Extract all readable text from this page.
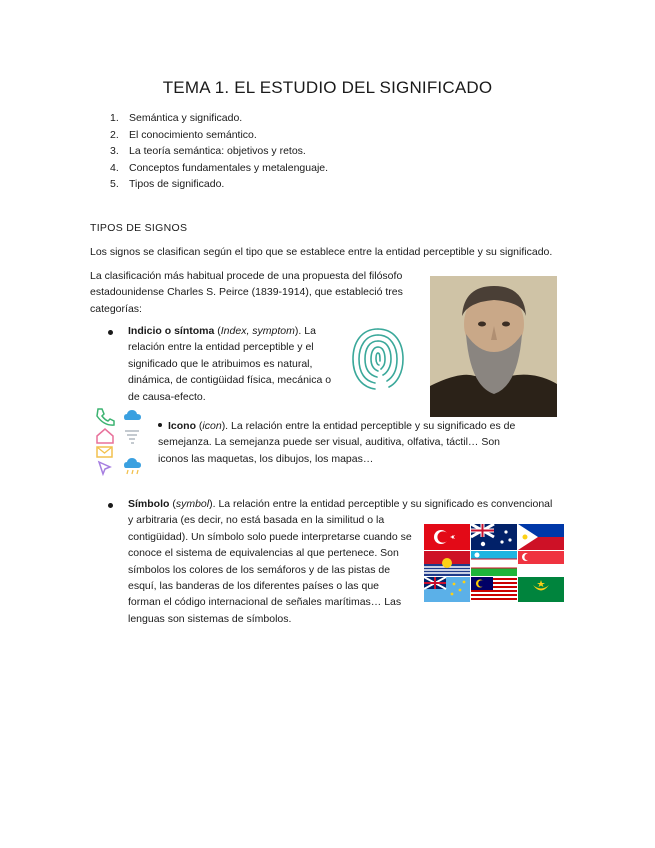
TEMA 1. EL ESTUDIO DEL SIGNIFICADO
1. Semántica y significado.
2. El conocimiento semántico.
3. La teoría semántica: objetivos y retos.
4. Conceptos fundamentales y metalenguaje.
5. Tipos de significado.
TIPOS DE SIGNOS
Los signos se clasifican según el tipo que se establece entre la entidad perceptible y su significado.
La clasificación más habitual procede de una propuesta del filósofo estadounidense Charles S. Peirce (1839-1914), que estableció tres categorías:
Indicio o síntoma (Index, symptom). La relación entre la entidad perceptible y el significado que le atribuimos es natural, dinámica, de contigüidad física, mecánica o de causa-efecto.
Icono (icon). La relación entre la entidad perceptible y su significado es de semejanza. La semejanza puede ser visual, auditiva, olfativa, táctil… Son iconos las maquetas, los dibujos, los mapas…
Símbolo (symbol). La relación entre la entidad perceptible y su significado es convencional
y arbitraria (es decir, no está basada en la similitud o la contigüidad). Un símbolo solo puede interpretarse cuando se conoce el sistema de equivalencias al que pertenece. Son símbolos los colores de los semáforos y de las pistas de esquí, las banderas de los diferentes países o las que forman el código internacional de señales marítimas… Las lenguas son sistemas de símbolos.
